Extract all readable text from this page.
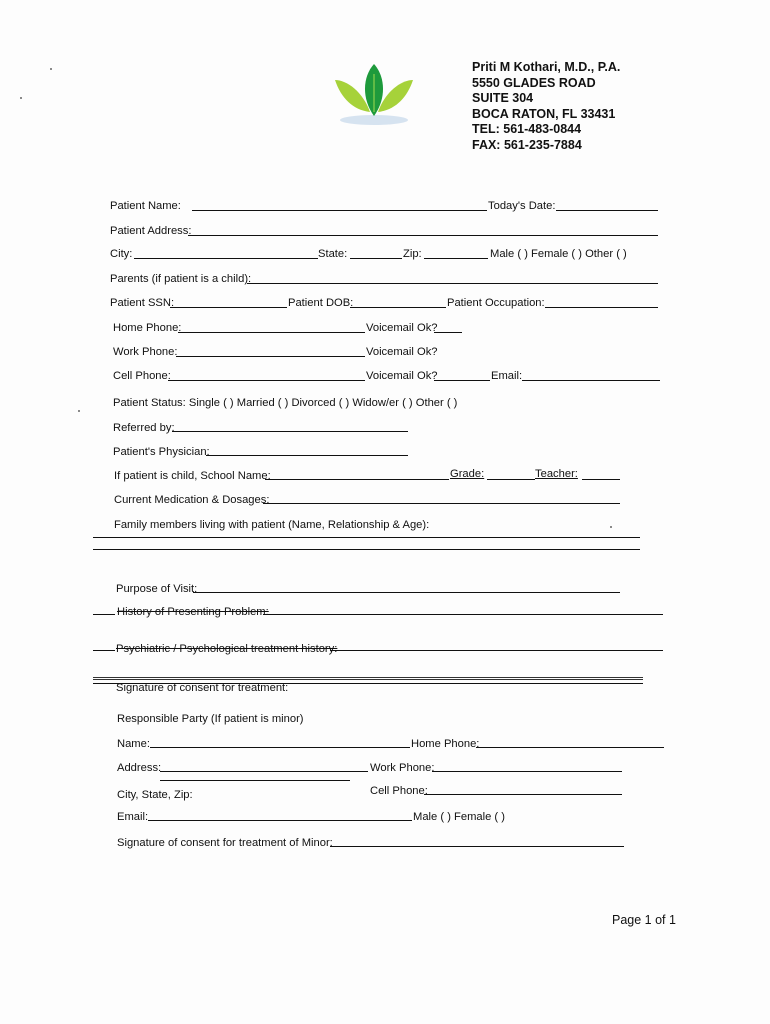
Priti M Kothari, M.D., P.A.
5550 GLADES ROAD
SUITE 304
BOCA RATON, FL 33431
TEL: 561-483-0844
FAX: 561-235-7884
Patient Name:	Today's Date:
Patient Address:
City:	State:	Zip:	Male ( ) Female ( ) Other ( )
Parents (if patient is a child):
Patient SSN:	Patient DOB:	Patient Occupation:
Home Phone:	Voicemail Ok?
Work Phone:	Voicemail Ok?
Cell Phone:	Voicemail Ok?	Email:
Patient Status: Single ( ) Married ( ) Divorced ( ) Widow/er ( ) Other ( )
Referred by:
Patient's Physician:
If patient is child, School Name:	Grade:	Teacher:
Current Medication & Dosages:
Family members living with patient (Name, Relationship & Age):
Purpose of Visit:
History of Presenting Problem:
Psychiatric / Psychological treatment history:
Signature of consent for treatment:
Responsible Party (If patient is minor)
Name:	Home Phone:
Address:	Work Phone:
City, State, Zip:	Cell Phone:
Email:	Male ( ) Female ( )
Signature of consent for treatment of Minor:
Page 1 of 1
